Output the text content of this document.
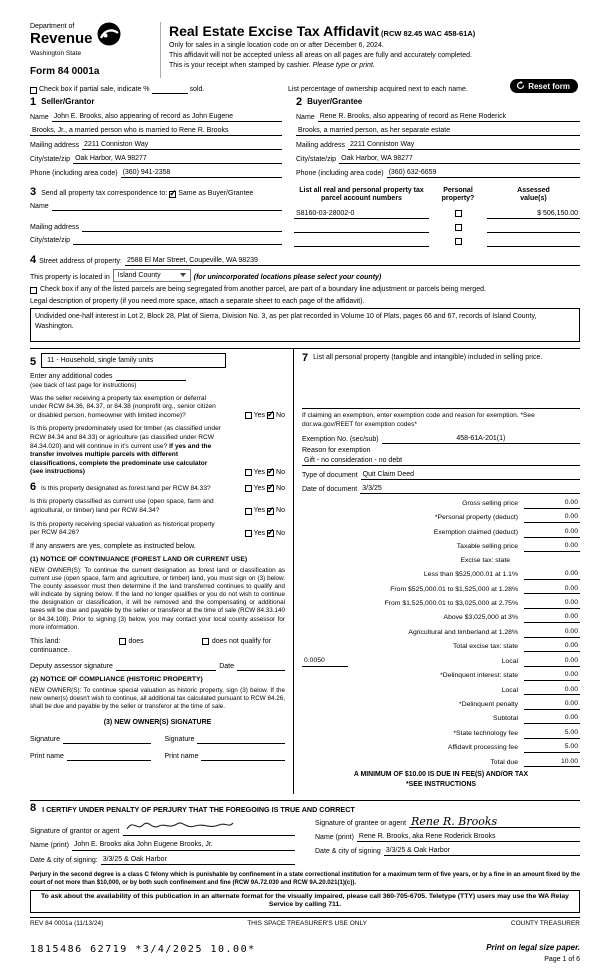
Department of
Revenue
Washington State
Form 84 0001a
Real Estate Excise Tax Affidavit (RCW 82.45 WAC 458-61A)
Only for sales in a single location code on or after December 6, 2024.
This affidavit will not be accepted unless all areas on all pages are fully and accurately completed.
This is your receipt when stamped by cashier. Please type or print.
Reset form
Check box if partial sale, indicate %	sold.	List percentage of ownership acquired next to each name.
1 Seller/Grantor
Name John E. Brooks, also appearing of record as John Eugene
Brooks, Jr., a married person who is married to Rene R. Brooks
Mailing address 2211 Conniston Way
City/state/zip Oak Harbor, WA 98277
Phone (including area code) (360) 941-2358
2 Buyer/Grantee
Name Rene R. Brooks, also appearing of record as Rene Roderick
Brooks, a married person, as her separate estate
Mailing address 2211 Conniston Way
City/state/zip Oak Harbor, WA 98277
Phone (including area code) (360) 632-6659
3 Send all property tax correspondence to: ✓ Same as Buyer/Grantee
Name
Mailing address
City/state/zip
List all real and personal property tax
parcel account numbers
Personal
property?
Assessed
value(s)
S8160-03-28002-0	$ 506,150.00
4 Street address of property: 2588 El Mar Street, Coupeville, WA 98239
This property is located in	Island County	(for unincorporated locations please select your county)
Check box if any of the listed parcels are being segregated from another parcel, are part of a boundary line adjustment or parcels being merged.
Legal description of property (if you need more space, attach a separate sheet to each page of the affidavit).
Undivided one-half interest in Lot 2, Block 28, Plat of Sierra, Division No. 3, as per plat recorded in Volume 10 of Plats, pages 66 and 67, records of Island County, Washington.
5	11 - Household, single family units
Enter any additional codes
(see back of last page for instructions)
Was the seller receiving a property tax exemption or deferral under RCW 84.36, 84.37, or 84.38 (nonprofit org., senior citizen or disabled person, homeowner with limited income)?	Yes ✓ No
Is this property predominately used for timber (as classified under RCW 84.34 and 84.33) or agriculture (as classified under RCW 84.34.020) and will continue in it's current use? If yes and the transfer involves multiple parcels with different classifications, complete the predominate use calculator (see instructions)	Yes ✓ No
6 Is this property designated as forest land per RCW 84.33?	Yes ✓ No
Is this property classified as current use (open space, farm and agricultural, or timber) land per RCW 84.34?	Yes ✓ No
Is this property receiving special valuation as historical property per RCW 84.26?	Yes ✓ No
If any answers are yes, complete as instructed below.
(1) NOTICE OF CONTINUANCE (FOREST LAND OR CURRENT USE)
NEW OWNER(S): To continue the current designation as forest land or classification as current use (open space, farm and agriculture, or timber) land, you must sign on (3) below. The county assessor must then determine if the land transferred continues to qualify and will indicate by signing below. If the land no longer qualifies or you do not wish to continue the designation or classification, it will be removed and the compensating or additional taxes will be due and payable by the seller or transferor at the time of sale (RCW 84.33.140 or 84.34.108). Prior to signing (3) below, you may contact your local county assessor for more information.
This land:	does	does not qualify for
continuance.
Deputy assessor signature	Date
(2) NOTICE OF COMPLIANCE (HISTORIC PROPERTY)
NEW OWNER(S): To continue special valuation as historic property, sign (3) below. If the new owner(s) doesn't wish to continue, all additional tax calculated pursuant to RCW 84.26, shall be due and payable by the seller or transferor at the time of sale.
(3) NEW OWNER(S) SIGNATURE
Signature	Signature
Print name	Print name
7 List all personal property (tangible and intangible) included in selling price.
If claiming an exemption, enter exemption code and reason for exemption. *See dor.wa.gov/REET for exemption codes*
Exemption No. (sec/sub)	458-61A-201(1)
Reason for exemption
Gift - no consideration - no debt
Type of document Quit Claim Deed
Date of document 3/3/25
Gross selling price	0.00
*Personal property (deduct)	0.00
Exemption claimed (deduct)	0.00
Taxable selling price	0.00
Excise tax: state
Less than $525,000.01 at 1.1%	0.00
From $525,000.01 to $1,525,000 at 1.28%	0.00
From $1,525,000.01 to $3,025,000 at 2.75%	0.00
Above $3,025,000 at 3%	0.00
Agricultural and timberland at 1.28%	0.00
Total excise tax: state	0.00
0.0050	Local	0.00
*Delinquent interest: state	0.00
Local	0.00
*Delinquent penalty	0.00
Subtotal	0.00
*State technology fee	5.00
Affidavit processing fee	5.00
Total due	10.00
A MINIMUM OF $10.00 IS DUE IN FEE(S) AND/OR TAX
*SEE INSTRUCTIONS
8 I CERTIFY UNDER PENALTY OF PERJURY THAT THE FOREGOING IS TRUE AND CORRECT
Signature of grantor or agent
Name (print) John E. Brooks aka John Eugene Brooks, Jr.
Date & city of signing: 3/3/25 & Oak Harbor
Signature of grantee or agent Rene R. Brooks
Name (print) Rene R. Brooks, aka Rene Roderick Brooks
Date & city of signing 3/3/25 & Oak Harbor
Perjury in the second degree is a class C felony which is punishable by confinement in a state correctional institution for a maximum term of five years, or by a fine in an amount fixed by the court of not more than $10,000, or by both such confinement and fine (RCW 9A.72.030 and RCW 9A.20.021(1)(c)).
To ask about the availability of this publication in an alternate format for the visually impaired, please call 360-705-6705. Teletype (TTY) users may use the WA Relay Service by calling 711.
REV 84 0001a (11/13/24)	THIS SPACE TREASURER'S USE ONLY	COUNTY TREASURER
1815486 62719 *3/4/2025 10.00*	Print on legal size paper.
Page 1 of 6
